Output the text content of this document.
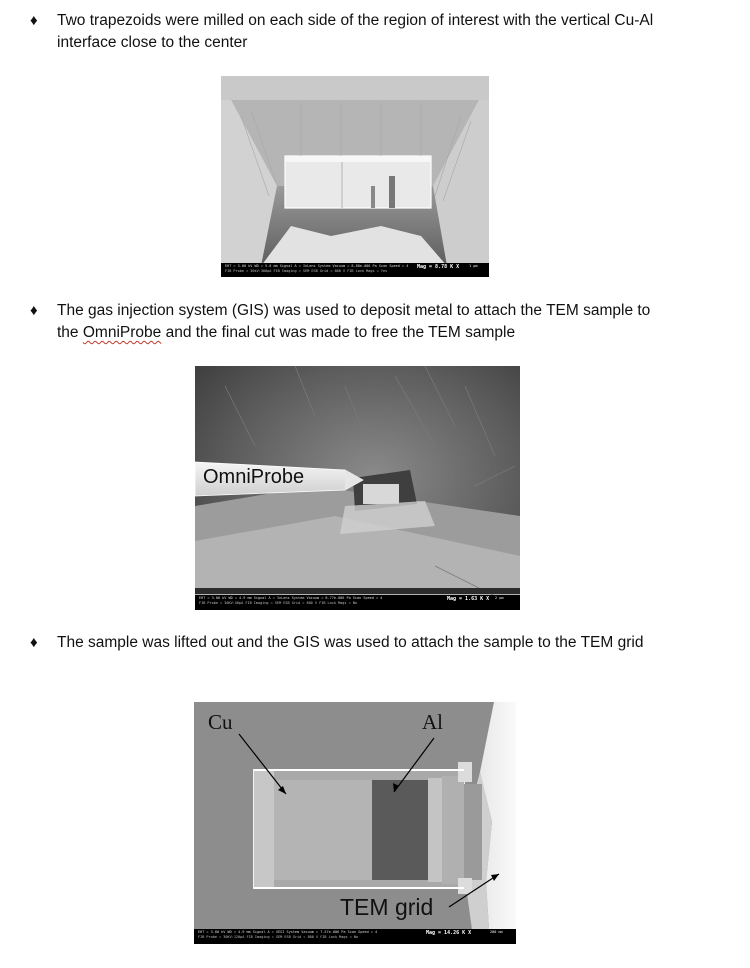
♦ Two trapezoids were milled on each side of the region of interest with the vertical Cu-Al
interface close to the center
EHT = 3.00 kV WD = 5.0 mm Signal A = InLens System Vacuum = 8.88e-006 Pa Scan Speed = 4
FIB Probe = 30kV:300pA FIB Imaging = SEM ESB Grid = 800 V FIB Lock Mags = Yes
Mag = 8.78 K X	1 µm
♦ The gas injection system (GIS) was used to deposit metal to attach the TEM sample to
the OmniProbe and the final cut was made to free the TEM sample
OmniProbe
EHT = 3.00 kV WD = 4.9 mm Signal A = InLens System Vacuum = 8.77e-006 Pa Scan Speed = 4
FIB Probe = 30KV:50pA FIB Imaging = SEM ESB Grid = 800 V FIB Lock Mags = No
Mag = 1.63 K X 2 µm
♦ The sample was lifted out and the GIS was used to attach the sample to the TEM grid
Cu	Al
TEM grid
EHT = 3.00 kV WD = 4.9 mm Signal A = SESI System Vacuum = 7.57e-006 Pa Scan Speed = 4
FIB Probe = 30KV:120pA FIB Imaging = SEM ESB Grid = 800 V FIB Lock Mags = No
Mag = 14.26 K X	200 nm
